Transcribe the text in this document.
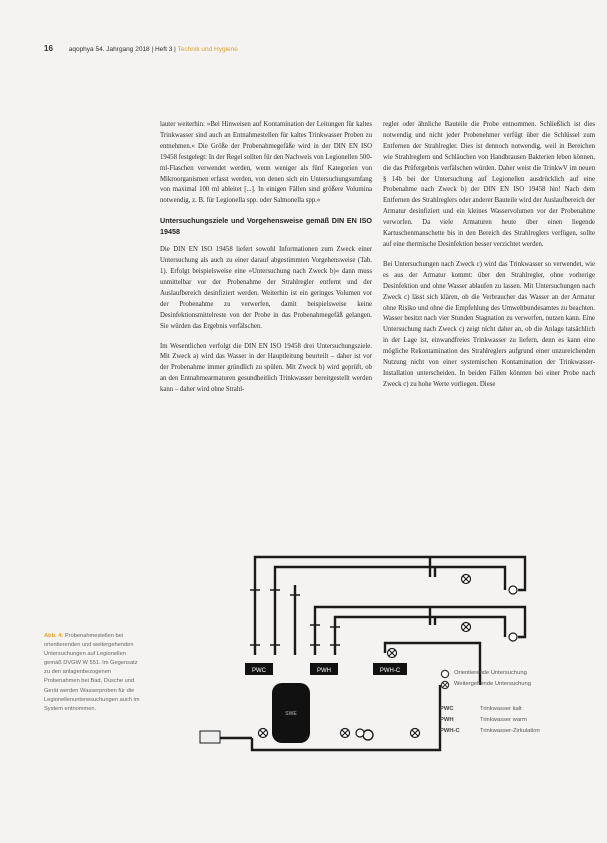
16 aqophya 54. Jahrgang 2018 | Heft 3 | Technik und Hygiene

lauter weiterhin: »Bei Hinweisen auf Kontamination der Leitungen für kaltes Trinkwasser sind auch an Entnahmestellen für kaltes Trinkwasser Proben zu entnehmen.« Die Größe der Probenahmegefäße wird in der DIN EN ISO 19458 festgelegt: In der Regel sollten für den Nachweis von Legionellen 500-ml-Flaschen verwendet werden, wenn weniger als fünf Kategorien von Mikroorganismen erfasst werden, von denen sich ein Untersuchungsumfang von maximal 100 ml ableitet [...]. In einigen Fällen sind größere Volumina notwendig, z. B. für Legionella spp. oder Salmonella spp.«

Untersuchungsziele und Vorgehensweise gemäß DIN EN ISO 19458

Die DIN EN ISO 19458 liefert sowohl Informationen zum Zweck einer Untersuchung als auch zu einer darauf abgestimmten Vorgehensweise (Tab. 1). Erfolgt beispielsweise eine »Untersuchung nach Zweck b)« dann muss unmittelbar vor der Probenahme der Strahlregler entfernt und der Auslaufbereich desinfiziert werden. Weiterhin ist ein geringes Volumen vor der Probenahme zu verwerfen, damit beispielsweise keine Desinfektionsmittelreste von der Probe in das Probenahmegefäß gelangen. Sie würden das Ergebnis verfälschen.

Im Wesentlichen verfolgt die DIN EN ISO 19458 drei Untersuchungsziele. Mit Zweck a) wird das Wasser in der Hauptleitung beurteilt – daher ist vor der Probenahme immer gründlich zu spülen. Mit Zweck b) wird geprüft, ob an den Entnahmearmaturen gesundheitlich Trinkwasser bereitgestellt werden kann – daher wird ohne Strahl-

regler oder ähnliche Bauteile die Probe entnommen. Schließlich ist dies notwendig und nicht jeder Probenehmer verfügt über die Schlüssel zum Entfernen der Strahlregler. Dies ist dennoch notwendig, weil in Bereichen wie Strahlreglern und Schläuchen von Handbrausen Bakterien leben können, die das Prüfergebnis verfälschen würden. Daher weist die TrinkwV im neuen § 14b bei der Untersuchung auf Legionellen ausdrücklich auf eine Probenahme nach Zweck b) der DIN EN ISO 19458 hin! Nach dem Entfernen des Strahlreglers oder anderer Bauteile wird der Auslaufbereich der Armatur desinfiziert und ein kleines Wasservolumen vor der Probenahme verworfen. Da viele Armaturen heute über einen liegende Kartuschenmanschette bis in den Bereich des Strahlreglers verfügen, sollte auf eine thermische Desinfektion besser verzichtet werden.

Bei Untersuchungen nach Zweck c) wird das Trinkwasser so verwendet, wie es aus der Armatur kommt: über den Strahlregler, ohne vorherige Desinfektion und ohne Wasser ablaufen zu lassen. Mit Untersuchungen nach Zweck c) lässt sich klären, ob die Verbraucher das Wasser an der Armatur ohne Risiko und ohne die Empfehlung des Umweltbundesamtes zu beachten. Wasser besitzt nach vier Stunden Stagnation zu verwerfen, nutzen kann. Eine Untersuchung nach Zweck c) zeigt nicht daher an, ob die Anlage tatsächlich in der Lage ist, einwandfreies Trinkwasser zu liefern, denn es kann eine mögliche Rekontamination des Strahlreglers aufgrund einer unzureichenden Nutzung nicht von einer systemischen Kontamination der Trinkwasser-Installation unterscheiden. In beiden Fällen könnten bei einer Probe nach Zweck c) zu hohe Werte vorliegen. Diese

Abb. 4: Probenahmestellen bei orientierenden und weitergehenden Untersuchungen auf Legionellen gemäß DVGW W 551. Im Gegensatz zu den anlagenbezogenen Probenahmen bei Bad, Dusche und Gerät werden Wasserproben für die Legionellenunterwsuchungen auch im System entnommen.
PWC	PWH	PWH-C
SWE
Orientierende Untersuchung
Weitergehende Untersuchung
PWC	Trinkwasser kalt
PWH	Trinkwasser warm
PWH-C	Trinkwasser-Zirkulation
